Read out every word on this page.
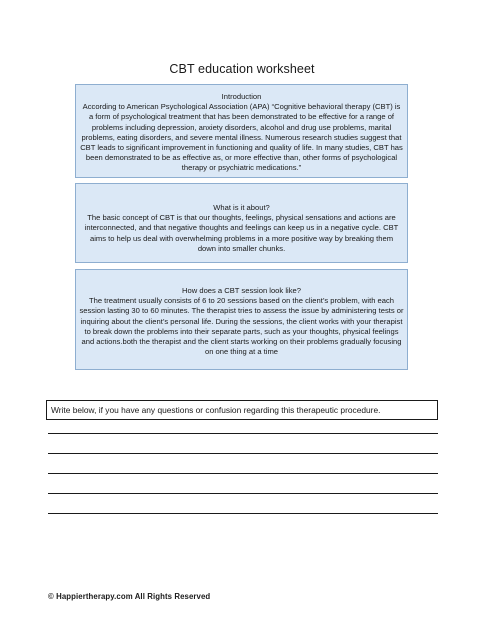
CBT education worksheet
Introduction
According to American Psychological Association (APA) “Cognitive behavioral therapy (CBT) is a form of psychological treatment that has been demonstrated to be effective for a range of problems including depression, anxiety disorders, alcohol and drug use problems, marital problems, eating disorders, and severe mental illness. Numerous research studies suggest that CBT leads to significant improvement in functioning and quality of life. In many studies, CBT has been demonstrated to be as effective as, or more effective than, other forms of psychological therapy or psychiatric medications.”
What is it about?
The basic concept of CBT is that our thoughts, feelings, physical sensations and actions are interconnected, and that negative thoughts and feelings can keep us in a negative cycle. CBT aims to help us deal with overwhelming problems in a more positive way by breaking them down into smaller chunks.
How does a CBT session look like?
The treatment usually consists of 6 to 20 sessions based on the client’s problem, with each session lasting 30 to 60 minutes. The therapist tries to assess the issue by administering tests or inquiring about the client’s personal life. During the sessions, the client works with your therapist to break down the problems into their separate parts, such as your thoughts, physical feelings and actions.both the therapist and the client starts working on their problems gradually focusing on one thing at a time
Write below, if you have any questions or confusion regarding this therapeutic procedure.
© Happiertherapy.com All Rights Reserved
